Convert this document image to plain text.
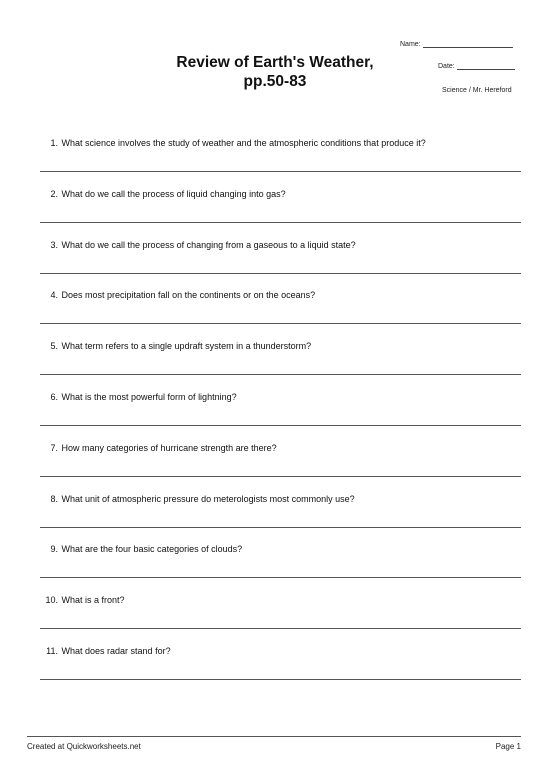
Review of Earth's Weather,
pp.50-83
Name:
Date:
Science / Mr. Hereford
1. What science involves the study of weather and the atmospheric conditions that produce it?
2. What do we call the process of liquid changing into gas?
3. What do we call the process of changing from a gaseous to a liquid state?
4. Does most precipitation fall on the continents or on the oceans?
5. What term refers to a single updraft system in a thunderstorm?
6. What is the most powerful form of lightning?
7. How many categories of hurricane strength are there?
8. What unit of atmospheric pressure do meterologists most commonly use?
9. What are the four basic categories of clouds?
10. What is a front?
11. What does radar stand for?
Created at Quickworksheets.net	Page 1
